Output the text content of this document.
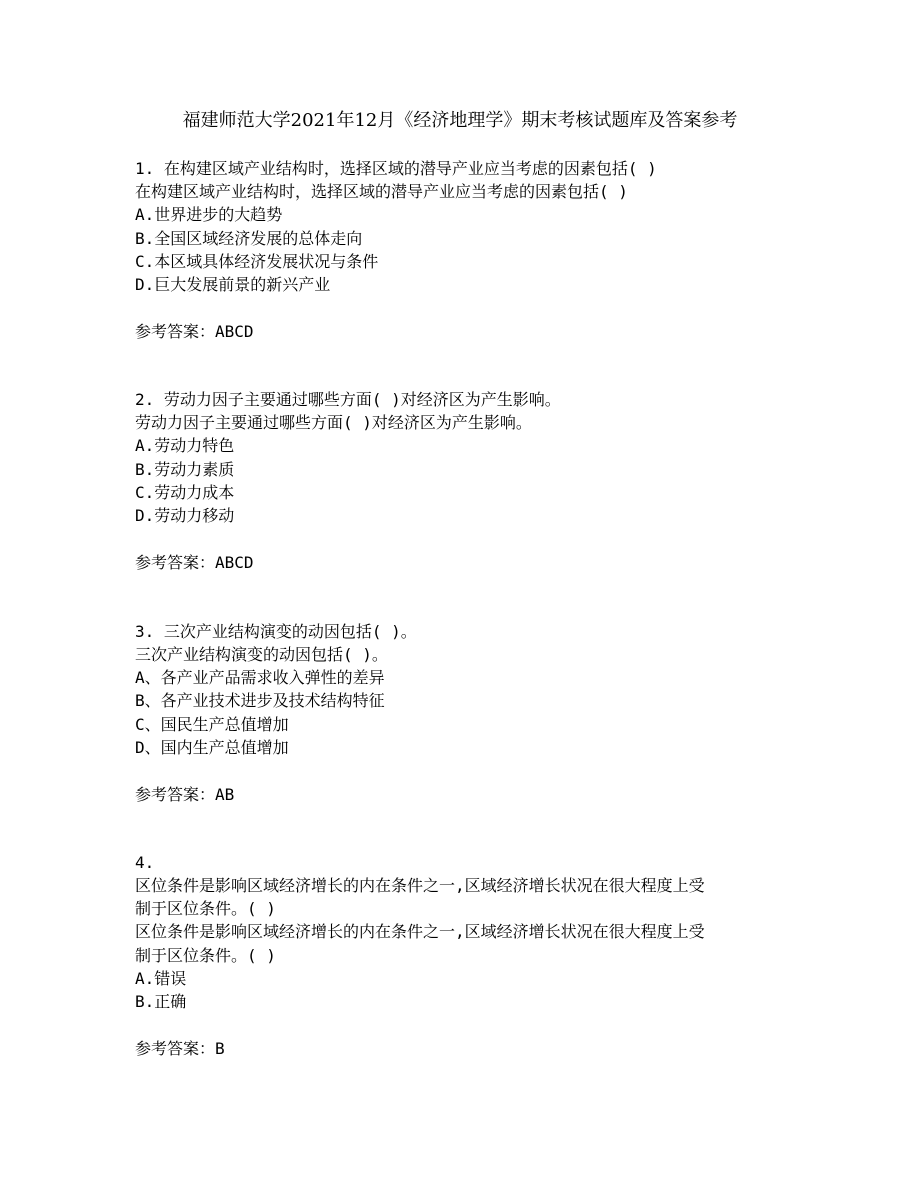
福建师范大学2021年12月《经济地理学》期末考核试题库及答案参考
1. 在构建区域产业结构时，选择区域的潜导产业应当考虑的因素包括( )
在构建区域产业结构时，选择区域的潜导产业应当考虑的因素包括( )
A.世界进步的大趋势
B.全国区域经济发展的总体走向
C.本区域具体经济发展状况与条件
D.巨大发展前景的新兴产业
参考答案：ABCD
2. 劳动力因子主要通过哪些方面( )对经济区为产生影响。
劳动力因子主要通过哪些方面( )对经济区为产生影响。
A.劳动力特色
B.劳动力素质
C.劳动力成本
D.劳动力移动
参考答案：ABCD
3. 三次产业结构演变的动因包括( )。
三次产业结构演变的动因包括( )。
A、各产业产品需求收入弹性的差异
B、各产业技术进步及技术结构特征
C、国民生产总值增加
D、国内生产总值增加
参考答案：AB
4.
区位条件是影响区域经济增长的内在条件之一,区域经济增长状况在很大程度上受
制于区位条件。( )
区位条件是影响区域经济增长的内在条件之一,区域经济增长状况在很大程度上受
制于区位条件。( )
A.错误
B.正确
参考答案：B
